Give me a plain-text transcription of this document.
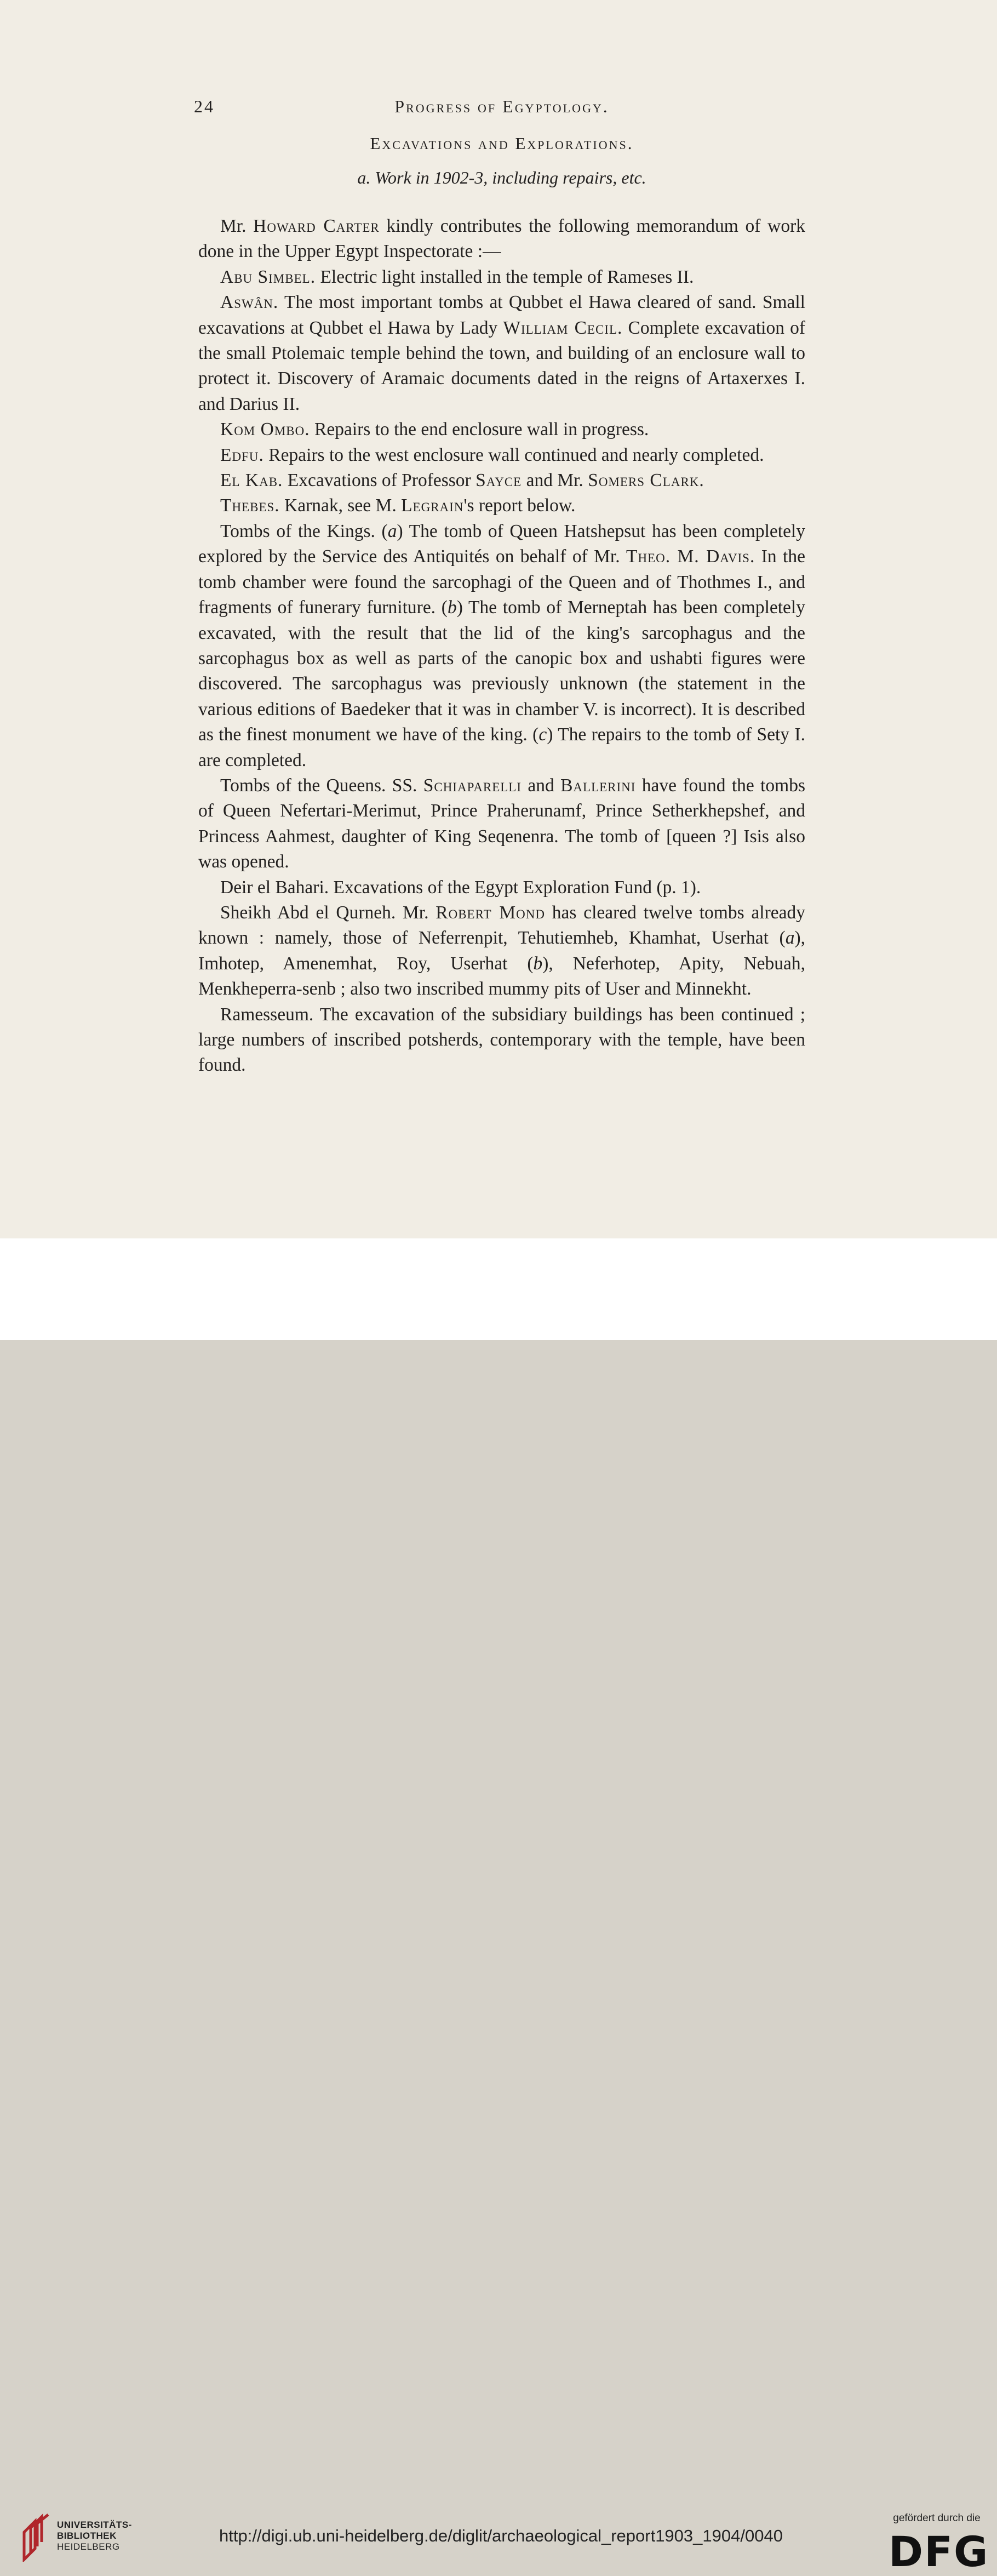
24	Progress of Egyptology.
Excavations and Explorations.
a. Work in 1902-3, including repairs, etc.

Mr. Howard Carter kindly contributes the following memorandum of work done in the Upper Egypt Inspectorate :—

Abu Simbel. Electric light installed in the temple of Rameses II.

Aswân. The most important tombs at Qubbet el Hawa cleared of sand. Small excavations at Qubbet el Hawa by Lady William Cecil. Complete excavation of the small Ptolemaic temple behind the town, and building of an enclosure wall to protect it. Discovery of Aramaic documents dated in the reigns of Artaxerxes I. and Darius II.

Kom Ombo. Repairs to the end enclosure wall in progress.

Edfu. Repairs to the west enclosure wall continued and nearly completed.

El Kab. Excavations of Professor Sayce and Mr. Somers Clark.

Thebes. Karnak, see M. Legrain's report below.

Tombs of the Kings. (a) The tomb of Queen Hatshepsut has been completely explored by the Service des Antiquités on behalf of Mr. Theo. M. Davis. In the tomb chamber were found the sarcophagi of the Queen and of Thothmes I., and fragments of funerary furniture. (b) The tomb of Merneptah has been completely excavated, with the result that the lid of the king's sarcophagus and the sarcophagus box as well as parts of the canopic box and ushabti figures were discovered. The sarcophagus was previously unknown (the statement in the various editions of Baedeker that it was in chamber V. is incorrect). It is described as the finest monument we have of the king. (c) The repairs to the tomb of Sety I. are completed.

Tombs of the Queens. SS. Schiaparelli and Ballerini have found the tombs of Queen Nefertari-Merimut, Prince Praherunamf, Prince Setherkhepshef, and Princess Aahmest, daughter of King Seqenenra. The tomb of [queen ?] Isis also was opened.

Deir el Bahari. Excavations of the Egypt Exploration Fund (p. 1).

Sheikh Abd el Qurneh. Mr. Robert Mond has cleared twelve tombs already known : namely, those of Neferrenpit, Tehutiemheb, Khamhat, Userhat (a), Imhotep, Amenemhat, Roy, Userhat (b), Neferhotep, Apity, Nebuah, Menkheperra-senb ; also two inscribed mummy pits of User and Minnekht.

Ramesseum. The excavation of the subsidiary buildings has been continued ; large numbers of inscribed potsherds, contemporary with the temple, have been found.

UNIVERSITÄTS-
BIBLIOTHEK
HEIDELBERG
http://digi.ub.uni-heidelberg.de/diglit/archaeological_report1903_1904/0040
gefördert durch die
DFG
